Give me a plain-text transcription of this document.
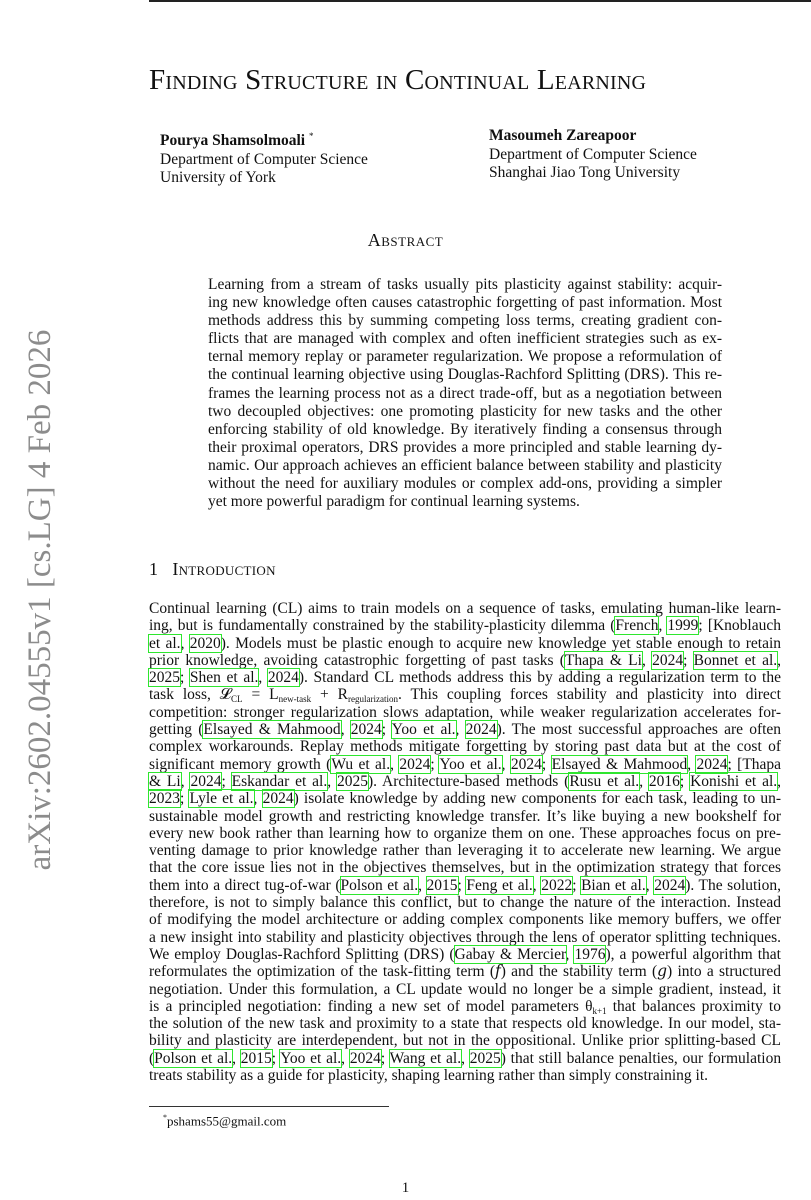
arXiv:2602.04555v1 [cs.LG] 4 Feb 2026
Finding Structure in Continual Learning
Pourya Shamsolmoali *
Department of Computer Science
University of York
Masoumeh Zareapoor
Department of Computer Science
Shanghai Jiao Tong University
Abstract
Learning from a stream of tasks usually pits plasticity against stability: acquir-
ing new knowledge often causes catastrophic forgetting of past information. Most
methods address this by summing competing loss terms, creating gradient con-
flicts that are managed with complex and often inefficient strategies such as ex-
ternal memory replay or parameter regularization. We propose a reformulation of
the continual learning objective using Douglas-Rachford Splitting (DRS). This re-
frames the learning process not as a direct trade-off, but as a negotiation between
two decoupled objectives: one promoting plasticity for new tasks and the other
enforcing stability of old knowledge. By iteratively finding a consensus through
their proximal operators, DRS provides a more principled and stable learning dy-
namic. Our approach achieves an efficient balance between stability and plasticity
without the need for auxiliary modules or complex add-ons, providing a simpler
yet more powerful paradigm for continual learning systems.
1 Introduction
Continual learning (CL) aims to train models on a sequence of tasks, emulating human-like learn-
ing, but is fundamentally constrained by the stability-plasticity dilemma (French, 1999; [Knoblauch
et al., 2020). Models must be plastic enough to acquire new knowledge yet stable enough to retain
prior knowledge, avoiding catastrophic forgetting of past tasks (Thapa & Li, 2024; Bonnet et al.,
2025; Shen et al., 2024). Standard CL methods address this by adding a regularization term to the
task loss, 𝓛$_{CL}$ = $L_{new-task} + R_{regularization}$. This coupling forces stability and plasticity into direct
competition: stronger regularization slows adaptation, while weaker regularization accelerates for-
getting (Elsayed & Mahmood, 2024; Yoo et al., 2024). The most successful approaches are often
complex workarounds. Replay methods mitigate forgetting by storing past data but at the cost of
significant memory growth (Wu et al., 2024; Yoo et al., 2024; Elsayed & Mahmood, 2024; [Thapa
& Li, 2024; Eskandar et al., 2025). Architecture-based methods (Rusu et al., 2016; Konishi et al.,
2023; Lyle et al., 2024) isolate knowledge by adding new components for each task, leading to un-
sustainable model growth and restricting knowledge transfer. It’s like buying a new bookshelf for
every new book rather than learning how to organize them on one. These approaches focus on pre-
venting damage to prior knowledge rather than leveraging it to accelerate new learning. We argue
that the core issue lies not in the objectives themselves, but in the optimization strategy that forces
them into a direct tug-of-war (Polson et al., 2015; Feng et al., 2022; Bian et al., 2024). The solution,
therefore, is not to simply balance this conflict, but to change the nature of the interaction. Instead
of modifying the model architecture or adding complex components like memory buffers, we offer
a new insight into stability and plasticity objectives through the lens of operator splitting techniques.
We employ Douglas-Rachford Splitting (DRS) (Gabay & Mercier, 1976), a powerful algorithm that
reformulates the optimization of the task-fitting term (𝑓) and the stability term (𝑔) into a structured
negotiation. Under this formulation, a CL update would no longer be a simple gradient, instead, it
is a principled negotiation: finding a new set of model parameters $\theta_{k+1}$ that balances proximity to
the solution of the new task and proximity to a state that respects old knowledge. In our model, sta-
bility and plasticity are interdependent, but not in the oppositional. Unlike prior splitting-based CL
(Polson et al., 2015; Yoo et al., 2024; Wang et al., 2025) that still balance penalties, our formulation
treats stability as a guide for plasticity, shaping learning rather than simply constraining it.
*pshams55@gmail.com
1
